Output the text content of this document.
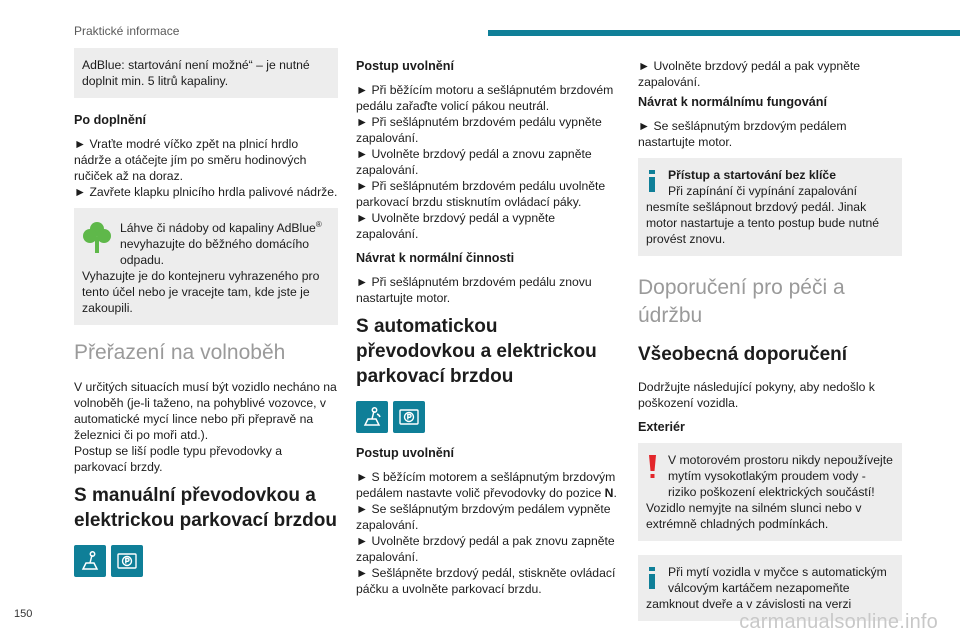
Praktické informace
AdBlue: startování není možné“ – je nutné doplnit min. 5 litrů kapaliny.
Po doplnění
► Vraťte modré víčko zpět na plnicí hrdlo nádrže a otáčejte jím po směru hodinových ručiček až na doraz.
► Zavřete klapku plnicího hrdla palivové nádrže.
Láhve či nádoby od kapaliny AdBlue® nevyhazujte do běžného domácího odpadu.
Vyhazujte je do kontejneru vyhrazeného pro tento účel nebo je vracejte tam, kde jste je zakoupili.
Přeřazení na volnoběh
V určitých situacích musí být vozidlo necháno na volnoběh (je-li taženo, na pohyblivé vozovce, v automatické mycí lince nebo při přepravě na železnici či po moři atd.).
Postup se liší podle typu převodovky a parkovací brzdy.
S manuální převodovkou a elektrickou parkovací brzdou
Postup uvolnění
► Při běžícím motoru a sešlápnutém brzdovém pedálu zařaďte volicí pákou neutrál.
► Při sešlápnutém brzdovém pedálu vypněte zapalování.
► Uvolněte brzdový pedál a znovu zapněte zapalování.
► Při sešlápnutém brzdovém pedálu uvolněte parkovací brzdu stisknutím ovládací páky.
► Uvolněte brzdový pedál a vypněte zapalování.
Návrat k normální činnosti
► Při sešlápnutém brzdovém pedálu znovu nastartujte motor.
S automatickou převodovkou a elektrickou parkovací brzdou
Postup uvolnění
► S běžícím motorem a sešlápnutým brzdovým pedálem nastavte volič převodovky do pozice N.
► Se sešlápnutým brzdovým pedálem vypněte zapalování.
► Uvolněte brzdový pedál a pak znovu zapněte zapalování.
► Sešlápněte brzdový pedál, stiskněte ovládací páčku a uvolněte parkovací brzdu.
► Uvolněte brzdový pedál a pak vypněte zapalování.
Návrat k normálnímu fungování
► Se sešlápnutým brzdovým pedálem nastartujte motor.
Přístup a startování bez klíče
Při zapínání či vypínání zapalování nesmíte sešlápnout brzdový pedál. Jinak motor nastartuje a tento postup bude nutné provést znovu.
Doporučení pro péči a údržbu
Všeobecná doporučení
Dodržujte následující pokyny, aby nedošlo k poškození vozidla.
Exteriér
V motorovém prostoru nikdy nepoužívejte mytím vysokotlakým proudem vody - riziko poškození elektrických součástí!
Vozidlo nemyjte na silném slunci nebo v extrémně chladných podmínkách.
Při mytí vozidla v myčce s automatickým válcovým kartáčem nezapomeňte zamknout dveře a v závislosti na verzi
150	carmanualsonline.info
